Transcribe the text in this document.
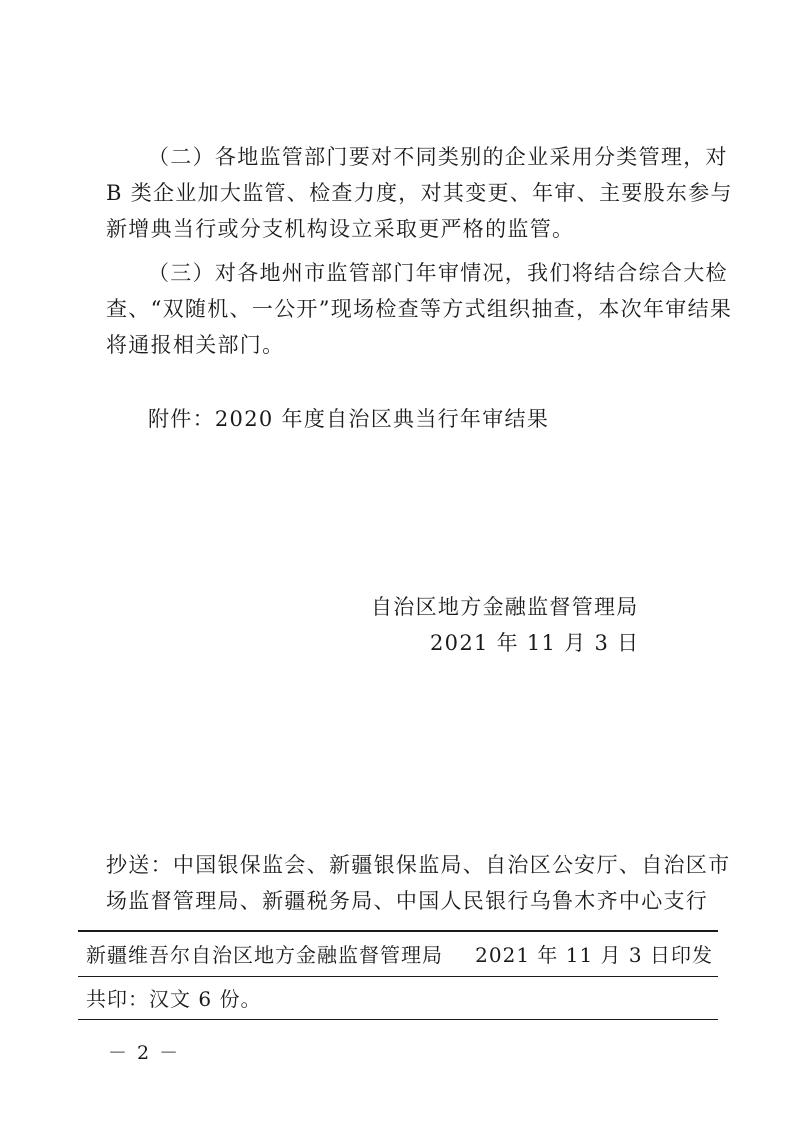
（二）各地监管部门要对不同类别的企业采用分类管理，对
B 类企业加大监管、检查力度，对其变更、年审、主要股东参与
新增典当行或分支机构设立采取更严格的监管。
（三）对各地州市监管部门年审情况，我们将结合综合大检
查、“双随机、一公开”现场检查等方式组织抽查，本次年审结果
将通报相关部门。
附件：2020 年度自治区典当行年审结果
自治区地方金融监督管理局
2021 年 11 月 3 日
抄送：中国银保监会、新疆银保监局、自治区公安厅、自治区市
场监督管理局、新疆税务局、中国人民银行乌鲁木齐中心支行
新疆维吾尔自治区地方金融监督管理局 2021 年 11 月 3 日印发
共印：汉文 6 份。
－ 2 －
